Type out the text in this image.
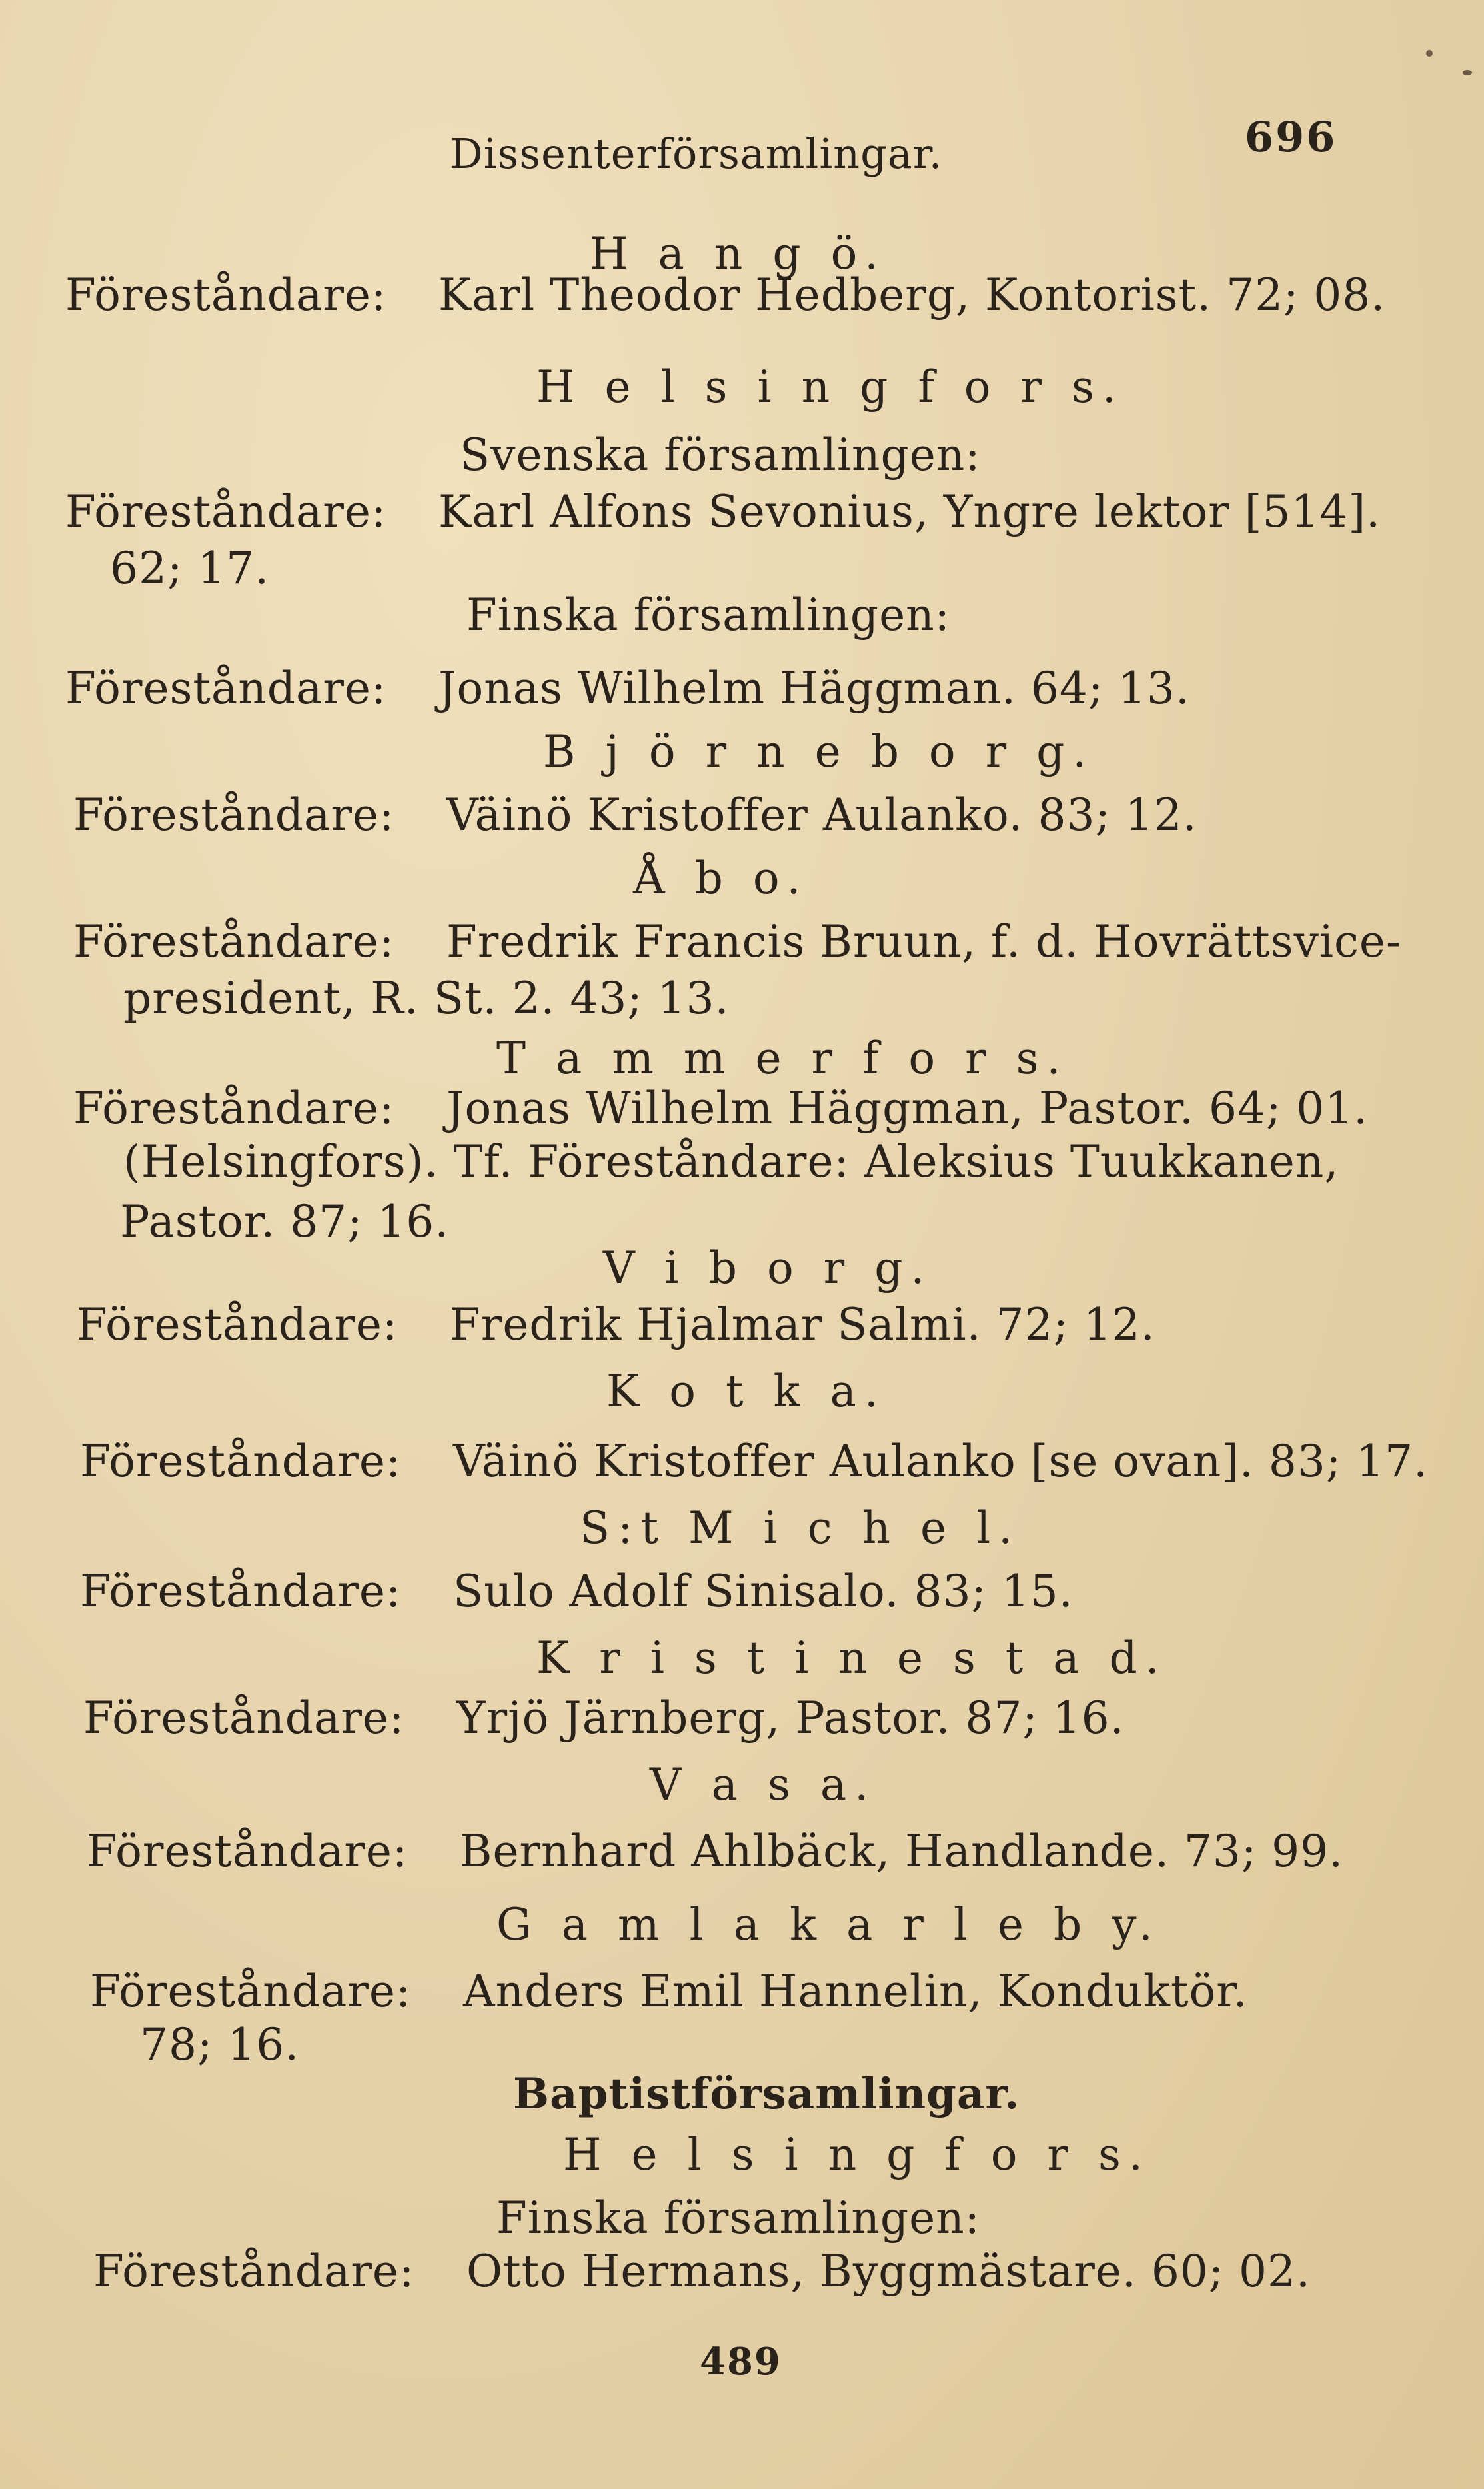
Dissenterförsamlingar.	696
H a n g ö.
Föreståndare: Karl Theodor Hedberg, Kontorist. 72; 08.
H e l s i n g f o r s.
Svenska församlingen:
Föreståndare: Karl Alfons Sevonius, Yngre lektor [514].
62; 17.
Finska församlingen:
Föreståndare: Jonas Wilhelm Häggman. 64; 13.
B j ö r n e b o r g.
Föreståndare: Väinö Kristoffer Aulanko. 83; 12.
Å b o.
Föreståndare: Fredrik Francis Bruun, f. d. Hovrättsvice-
president, R. St. 2. 43; 13.
T a m m e r f o r s.
Föreståndare: Jonas Wilhelm Häggman, Pastor. 64; 01.
(Helsingfors). Tf. Föreståndare: Aleksius Tuukkanen,
Pastor. 87; 16.
V i b o r g.
Föreståndare: Fredrik Hjalmar Salmi. 72; 12.
K o t k a.
Föreståndare: Väinö Kristoffer Aulanko [se ovan]. 83; 17.
S:t M i c h e l.
Föreståndare: Sulo Adolf Sinisalo. 83; 15.
K r i s t i n e s t a d.
Föreståndare: Yrjö Järnberg, Pastor. 87; 16.
V a s a.
Föreståndare: Bernhard Ahlbäck, Handlande. 73; 99.
G a m l a k a r l e b y.
Föreståndare: Anders Emil Hannelin, Konduktör.
78; 16.
Baptistförsamlingar.
H e l s i n g f o r s.
Finska församlingen:
Föreståndare: Otto Hermans, Byggmästare. 60; 02.
489
